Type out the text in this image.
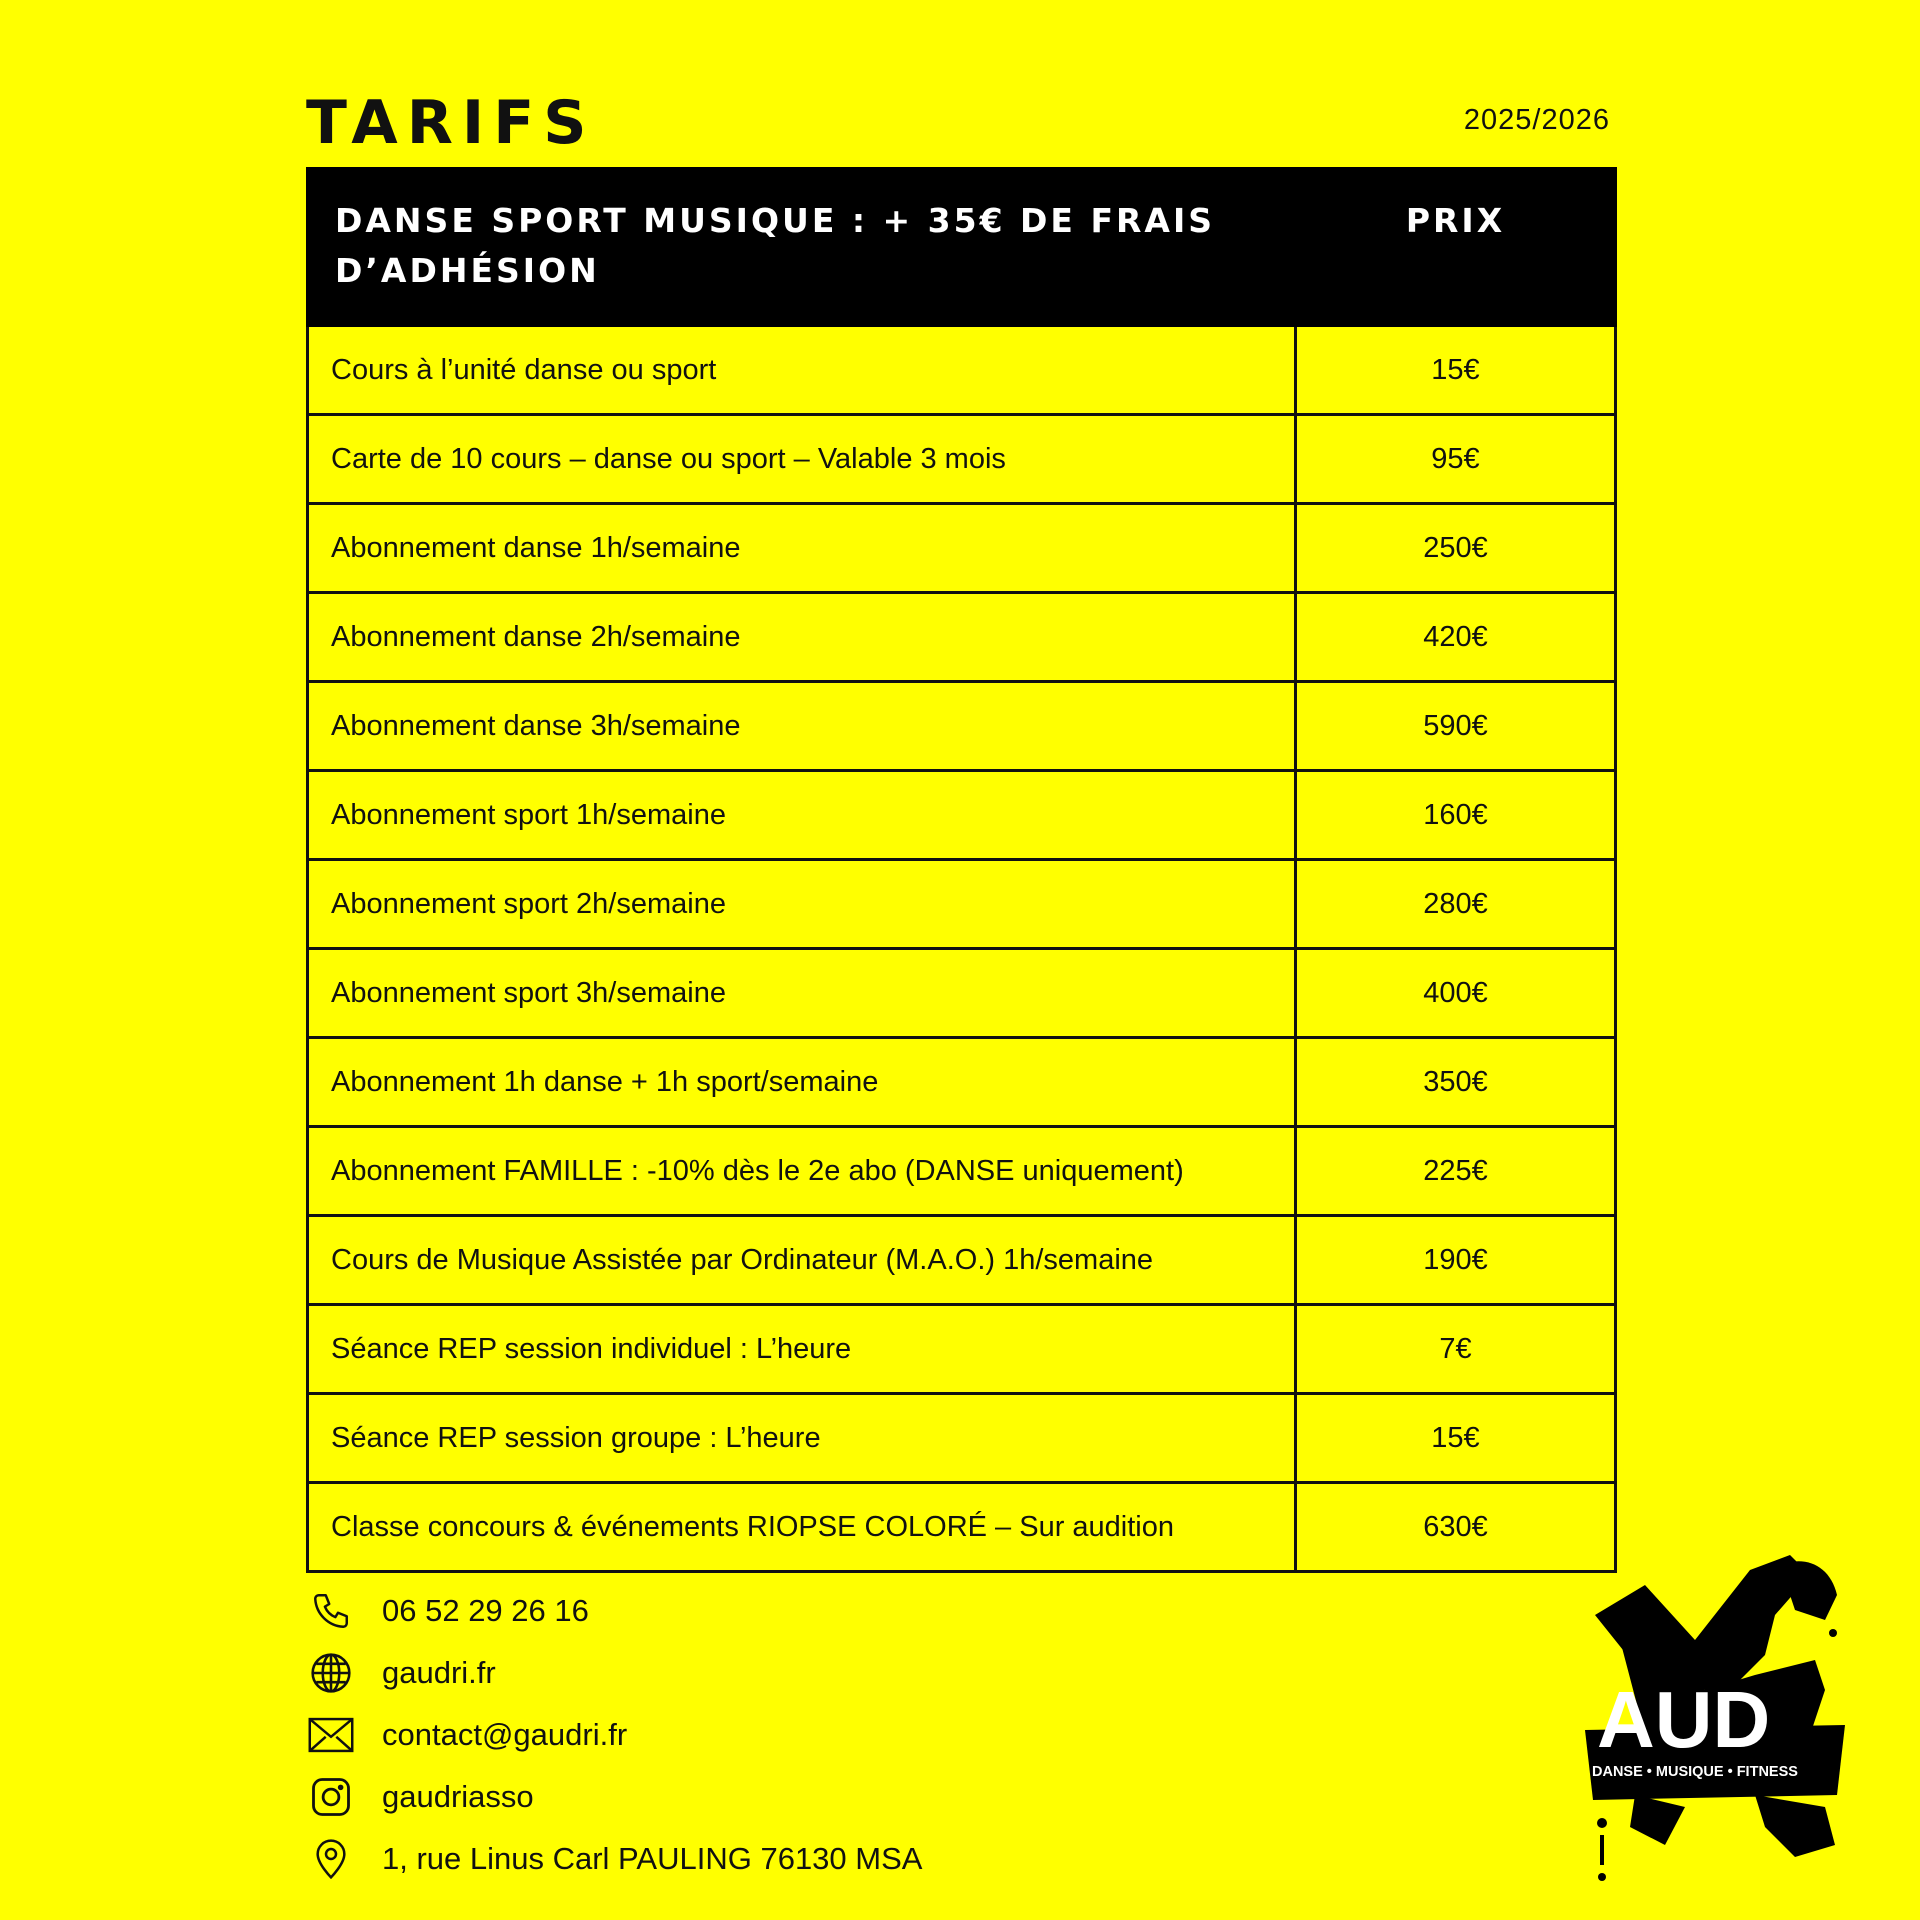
TARIFS	2025/2026
DANSE SPORT MUSIQUE : + 35€ DE FRAIS D’ADHÉSION	PRIX
Cours à l’unité danse ou sport	15€
Carte de 10 cours – danse ou sport – Valable 3 mois	95€
Abonnement danse 1h/semaine	250€
Abonnement danse 2h/semaine	420€
Abonnement danse 3h/semaine	590€
Abonnement sport 1h/semaine	160€
Abonnement sport 2h/semaine	280€
Abonnement sport 3h/semaine	400€
Abonnement 1h danse + 1h sport/semaine	350€
Abonnement FAMILLE : -10% dès le 2e abo (DANSE uniquement)	225€
Cours de Musique Assistée par Ordinateur (M.A.O.) 1h/semaine	190€
Séance REP session individuel : L’heure	7€
Séance REP session groupe : L’heure	15€
Classe concours & événements RIOPSE COLORÉ – Sur audition	630€
06 52 29 26 16
gaudri.fr
contact@gaudri.fr
gaudriasso
1, rue Linus Carl PAULING 76130 MSA
AUD
DANSE • MUSIQUE • FITNESS
